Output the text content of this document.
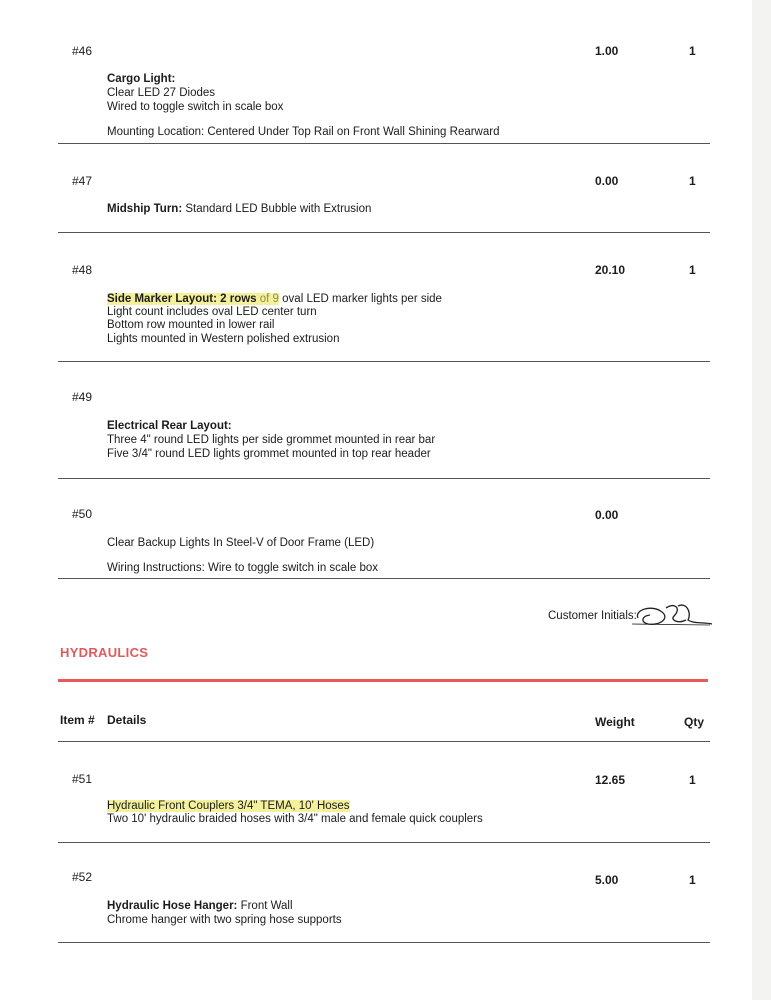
#46	1.00	1
Cargo Light:
Clear LED 27 Diodes
Wired to toggle switch in scale box
Mounting Location: Centered Under Top Rail on Front Wall Shining Rearward
#47	0.00	1
Midship Turn: Standard LED Bubble with Extrusion
#48	20.10	1
Side Marker Layout: 2 rows of 9 oval LED marker lights per side
Light count includes oval LED center turn
Bottom row mounted in lower rail
Lights mounted in Western polished extrusion
#49
Electrical Rear Layout:
Three 4" round LED lights per side grommet mounted in rear bar
Five 3/4" round LED lights grommet mounted in top rear header
#50	0.00
Clear Backup Lights In Steel-V of Door Frame (LED)
Wiring Instructions: Wire to toggle switch in scale box
Customer Initials:
HYDRAULICS
Item # Details	Weight	Qty
#51	12.65	1
Hydraulic Front Couplers 3/4" TEMA, 10' Hoses
Two 10' hydraulic braided hoses with 3/4" male and female quick couplers
#52	5.00	1
Hydraulic Hose Hanger: Front Wall
Chrome hanger with two spring hose supports
